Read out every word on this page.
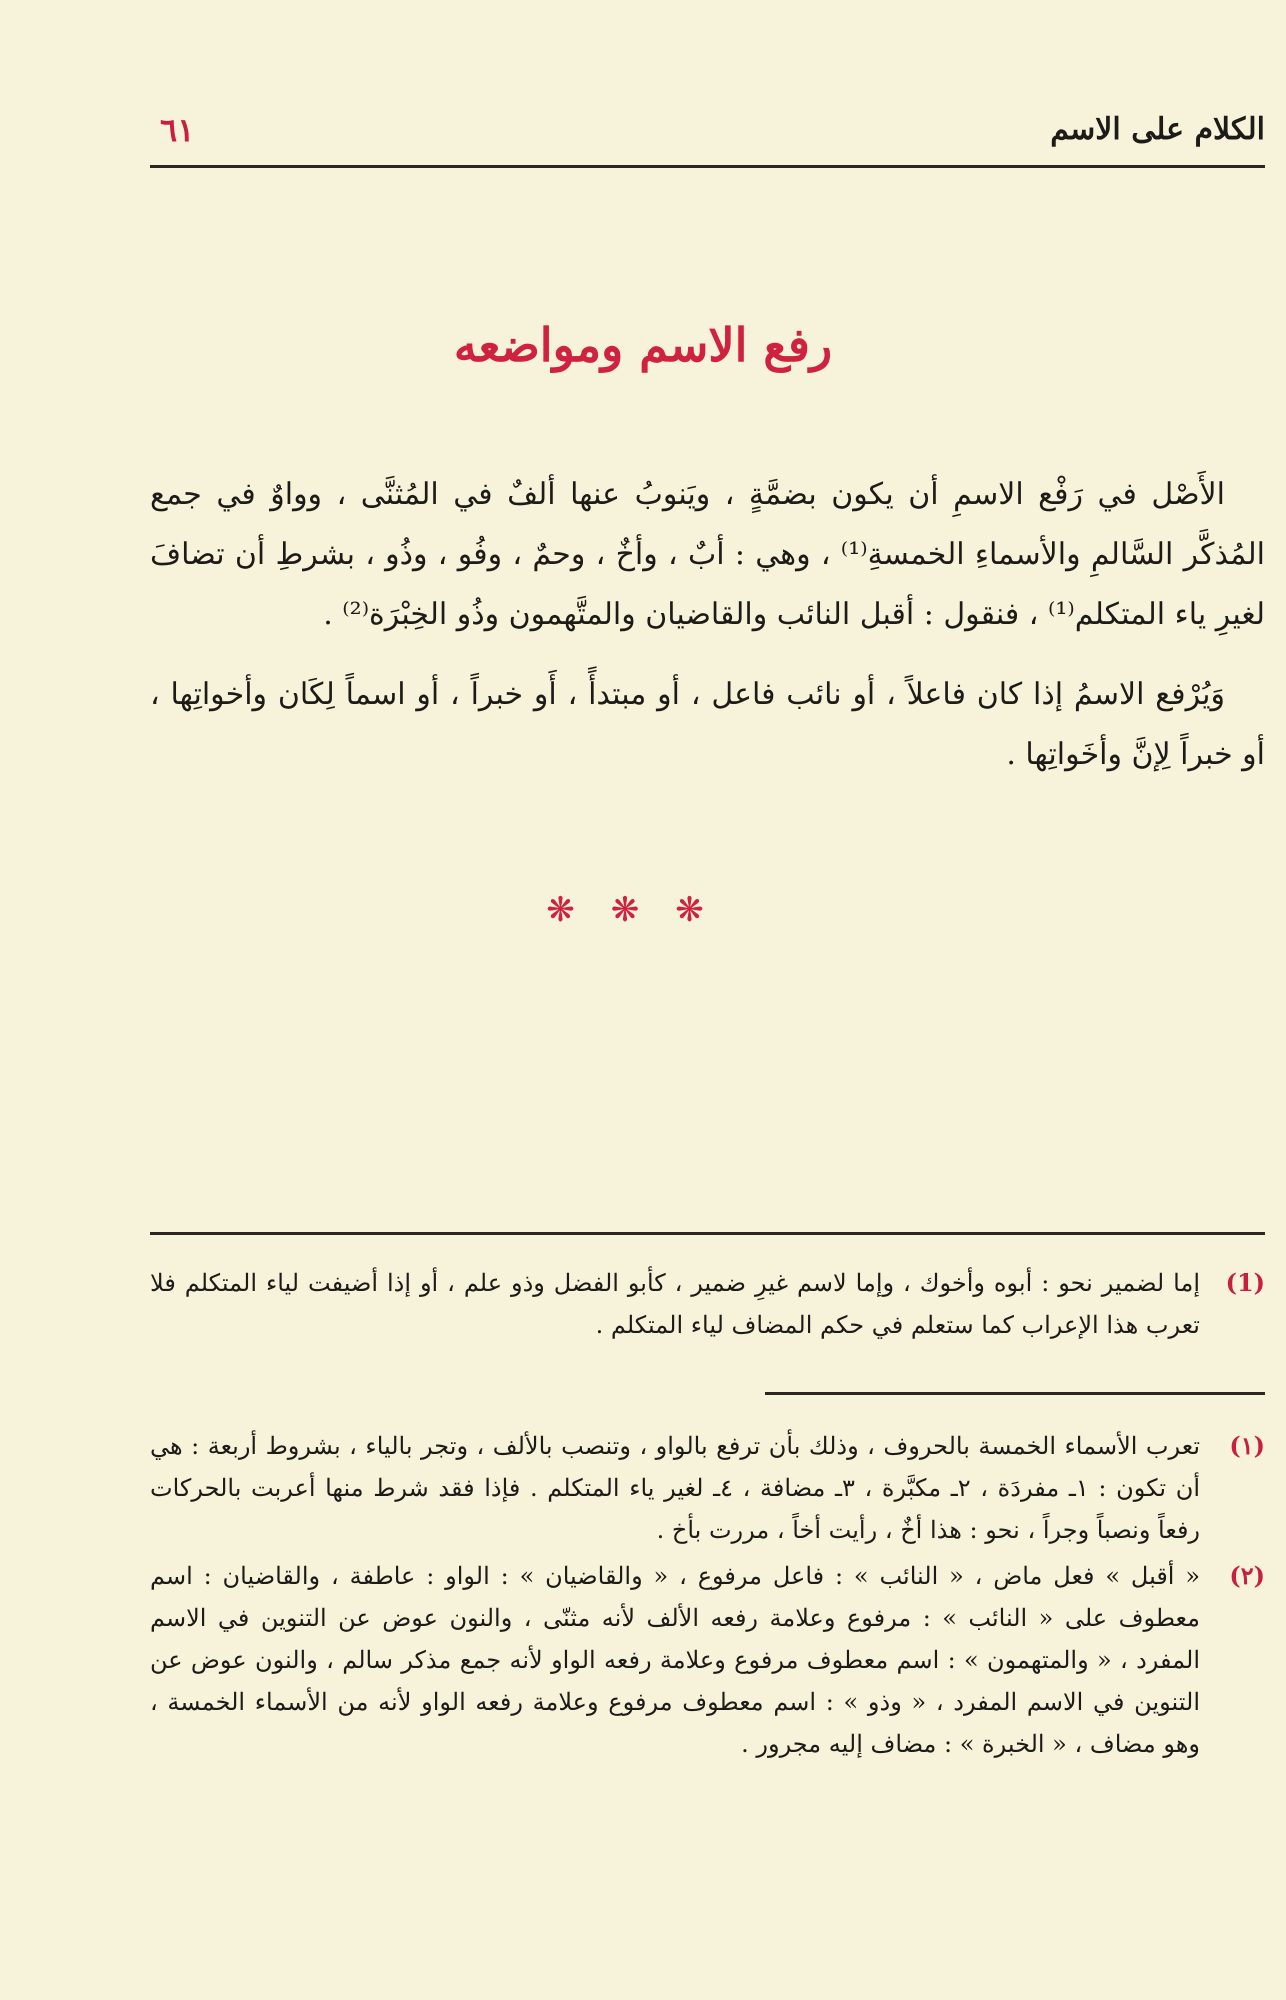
الكلام على الاسم
٦١
رفع الاسم ومواضعه

الأَصْل في رَفْع الاسمِ أن يكون بضمَّةٍ ، ويَنوبُ عنها ألفٌ في المُثنَّى ، وواوٌ في جمع المُذكَّر السَّالمِ والأسماءِ الخمسةِ⁽¹⁾ ، وهي : أبٌ ، وأخٌ ، وحمٌ ، وفُو ، وذُو ، بشرطِ أن تضافَ لغيرِ ياء المتكلم⁽¹⁾ ، فنقول : أقبل النائب والقاضيان والمتَّهمون وذُو الخِبْرَة⁽²⁾ .

وَيُرْفع الاسمُ إذا كان فاعلاً ، أو نائب فاعل ، أو مبتدأً ، أَو خبراً ، أو اسماً لِكَان وأخواتِها ، أو خبراً لِإنَّ وأخَواتِها .

❋❋❋
(1)
إما لضمير نحو : أبوه وأخوك ، وإما لاسم غيرِ ضمير ، كأبو الفضل وذو علم ، أو إذا أضيفت لياء المتكلم فلا تعرب هذا الإعراب كما ستعلم في حكم المضاف لياء المتكلم .
(١)
تعرب الأسماء الخمسة بالحروف ، وذلك بأن ترفع بالواو ، وتنصب بالألف ، وتجر بالياء ، بشروط أربعة : هي أن تكون : ١ـ مفردَة ، ٢ـ مكبَّرة ، ٣ـ مضافة ، ٤ـ لغير ياء المتكلم . فإذا فقد شرط منها أعربت بالحركات رفعاً ونصباً وجراً ، نحو : هذا أخٌ ، رأيت أخاً ، مررت بأخ .
(٢)
« أقبل » فعل ماض ، « النائب » : فاعل مرفوع ، « والقاضيان » : الواو : عاطفة ، والقاضيان : اسم معطوف على « النائب » : مرفوع وعلامة رفعه الألف لأنه مثنّى ، والنون عوض عن التنوين في الاسم المفرد ، « والمتهمون » : اسم معطوف مرفوع وعلامة رفعه الواو لأنه جمع مذكر سالم ، والنون عوض عن التنوين في الاسم المفرد ، « وذو » : اسم معطوف مرفوع وعلامة رفعه الواو لأنه من الأسماء الخمسة ، وهو مضاف ، « الخبرة » : مضاف إليه مجرور .
